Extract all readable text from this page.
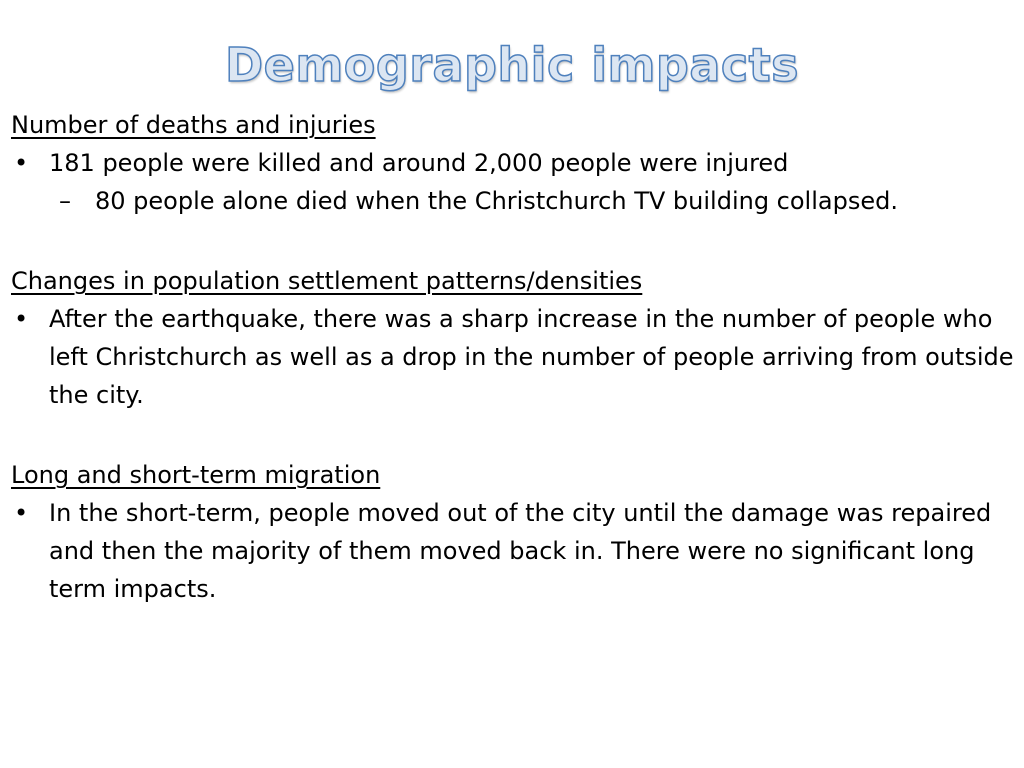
Demographic impacts
Number of deaths and injuries
• 181 people were killed and around 2,000 people were injured
– 80 people alone died when the Christchurch TV building collapsed.
Changes in population settlement patterns/densities
• After the earthquake, there was a sharp increase in the number of people who left Christchurch as well as a drop in the number of people arriving from outside the city.
Long and short-term migration
• In the short-term, people moved out of the city until the damage was repaired and then the majority of them moved back in. There were no significant long term impacts.
